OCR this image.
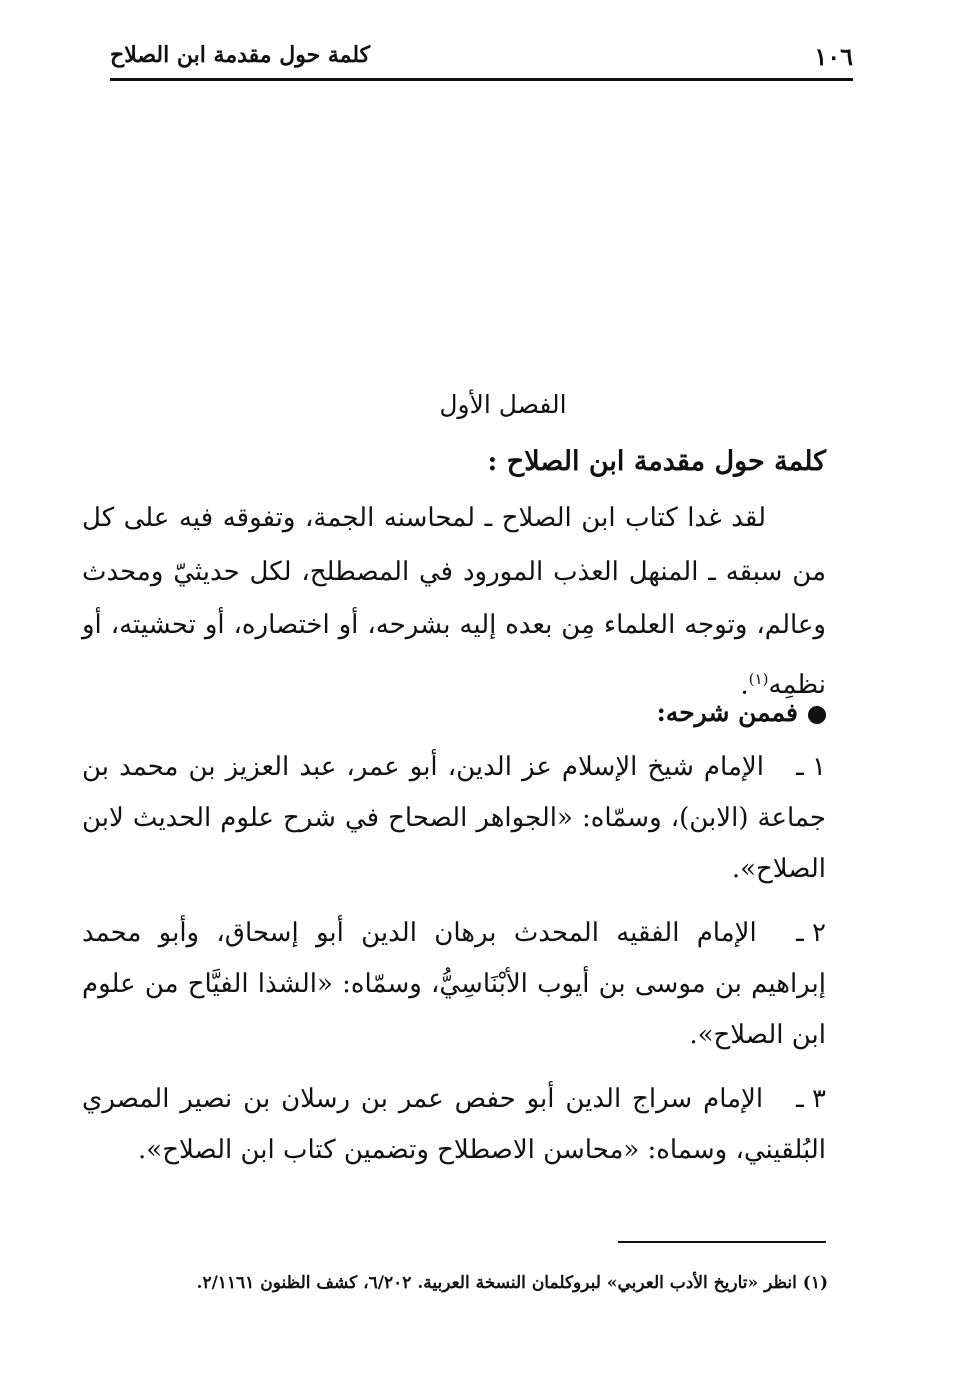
١٠٦
كلمة حول مقدمة ابن الصلاح
الفصل الأول
كلمة حول مقدمة ابن الصلاح :

لقد غدا كتاب ابن الصلاح ـ لمحاسنه الجمة، وتفوقه فيه على كل من سبقه ـ المنهل العذب المورود في المصطلح، لكل حديثيّ ومحدث وعالم، وتوجه العلماء مِن بعده إليه بشرحه، أو اختصاره، أو تحشيته، أو نظمِه$^{(١)}$.

فممن شرحه:
١ ـ الإمام شيخ الإسلام عز الدين، أبو عمر، عبد العزيز بن محمد بن جماعة (الابن)، وسمّاه: «الجواهر الصحاح في شرح علوم الحديث لابن الصلاح».
٢ ـ الإمام الفقيه المحدث برهان الدين أبو إسحاق، وأبو محمد إبراهيم بن موسى بن أيوب الأبْنَاسِيُّ، وسمّاه: «الشذا الفيَّاح من علوم ابن الصلاح».
٣ ـ الإمام سراج الدين أبو حفص عمر بن رسلان بن نصير المصري البُلقيني، وسماه: «محاسن الاصطلاح وتضمين كتاب ابن الصلاح».
(١) انظر «تاريخ الأدب العربي» لبروكلمان النسخة العربية. ٦/٢٠٢، كشف الظنون ٢/١١٦١.
